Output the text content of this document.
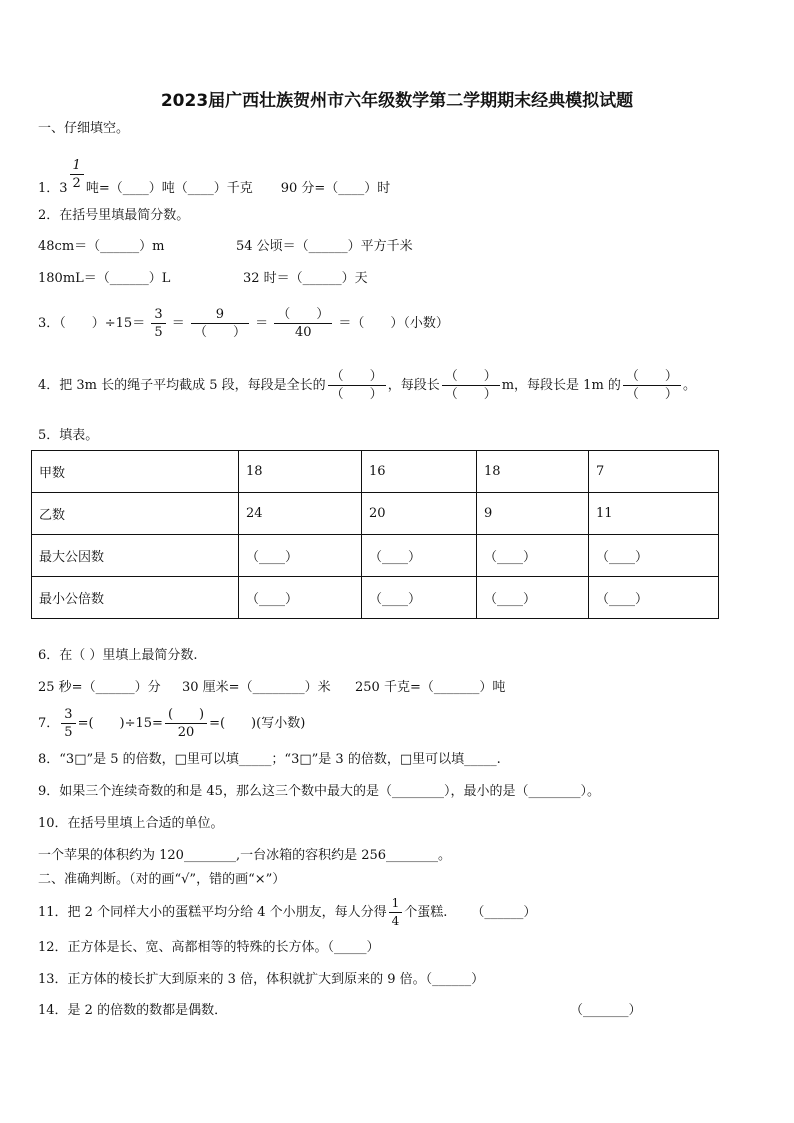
2023届广西壮族贺州市六年级数学第二学期期末经典模拟试题
一、仔细填空。
1．$3 \frac{1}{2}$ 吨=（____）吨（____）千克 90 分=（____）时
2．在括号里填最简分数。
48cm＝（______）m	54 公顷＝（______）平方千米
180mL＝（______）L	32 时＝（______）天
3．（　　）$\div 15= \frac{3}{5} = \frac{9}{( )} = \frac{( )}{40}$ ＝（　　）（小数）
4．把 3m 长的绳子平均截成 5 段，每段是全长的 $\frac{( )}{( )}$ ，每段长 $\frac{( )}{( )}$ m，每段长是 1m 的 $\frac{( )}{( )}$ 。
5．填表。
甲数	18	16	18	7
乙数	24	20	9	11
最大公因数	（____）	（____）	（____）	（____）
最小公倍数	（____）	（____）	（____）	（____）
6．在（ ）里填上最简分数.
25 秒=（______）分 30 厘米=（________）米 250 千克=（_______）吨
7． $\frac{3}{5}$ =(　　)$\div 15= \frac{( )}{20}$ =(　　)(写小数)
8．“3□”是 5 的倍数，□里可以填_____；“3□”是 3 的倍数，□里可以填_____.
9．如果三个连续奇数的和是 45，那么这三个数中最大的是（________），最小的是（________）。
10．在括号里填上合适的单位。
一个苹果的体积约为 120________,一台冰箱的容积约是 256________。
二、准确判断。（对的画“√”，错的画“×”）
11．把 2 个同样大小的蛋糕平均分给 4 个小朋友，每人分得 $\frac{1}{4}$ 个蛋糕. （______）
12．正方体是长、宽、高都相等的特殊的长方体。（_____）
13．正方体的棱长扩大到原来的 3 倍，体积就扩大到原来的 9 倍。（______）
14．是 2 的倍数的数都是偶数．	（_______）
